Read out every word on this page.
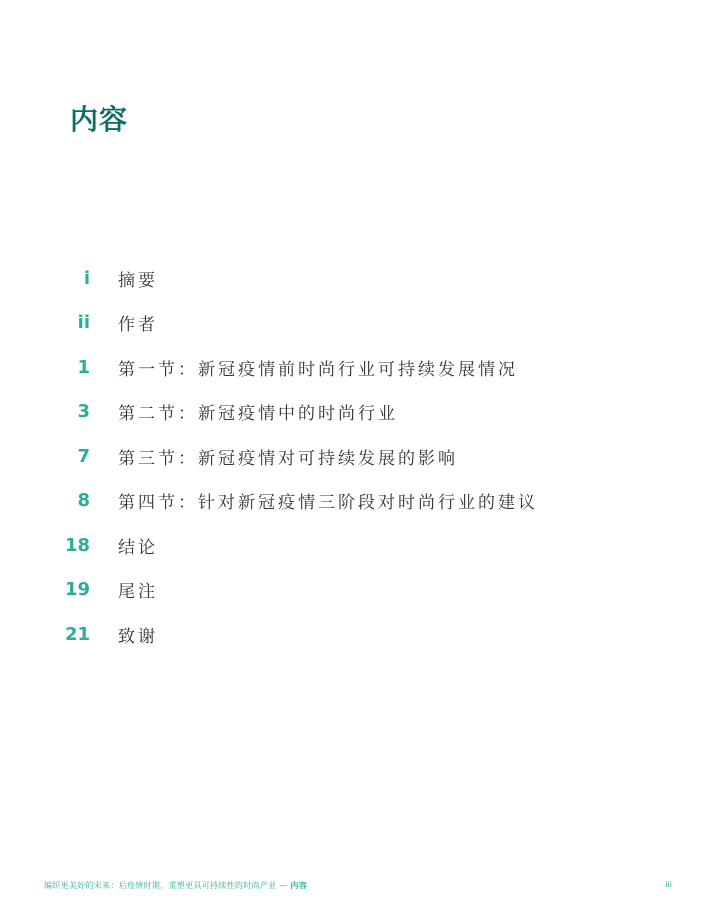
内容
i 摘要
ii 作者
1 第一节：新冠疫情前时尚行业可持续发展情况
3 第二节：新冠疫情中的时尚行业
7 第三节：新冠疫情对可持续发展的影响
8 第四节：针对新冠疫情三阶段对时尚行业的建议
18 结论
19 尾注
21 致谢
编织更美好的未来：后疫情时期，重塑更具可持续性的时尚产业 — 内容	iii
